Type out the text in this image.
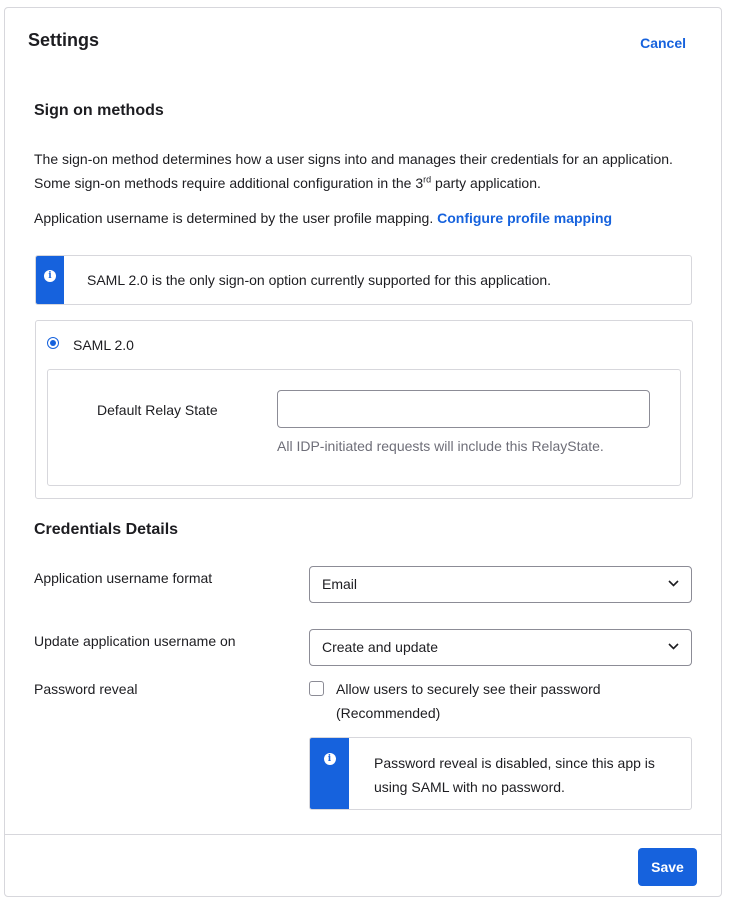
Settings	Cancel
Sign on methods
The sign-on method determines how a user signs into and manages their credentials for an application. Some sign-on methods require additional configuration in the 3rd party application.
Application username is determined by the user profile mapping. Configure profile mapping
i	SAML 2.0 is the only sign-on option currently supported for this application.
SAML 2.0
Default Relay State
All IDP-initiated requests will include this RelayState.
Credentials Details
Application username format	Email
Update application username on	Create and update
Password reveal	Allow users to securely see their password
(Recommended)
i	Password reveal is disabled, since this app is using SAML with no password.
Save
